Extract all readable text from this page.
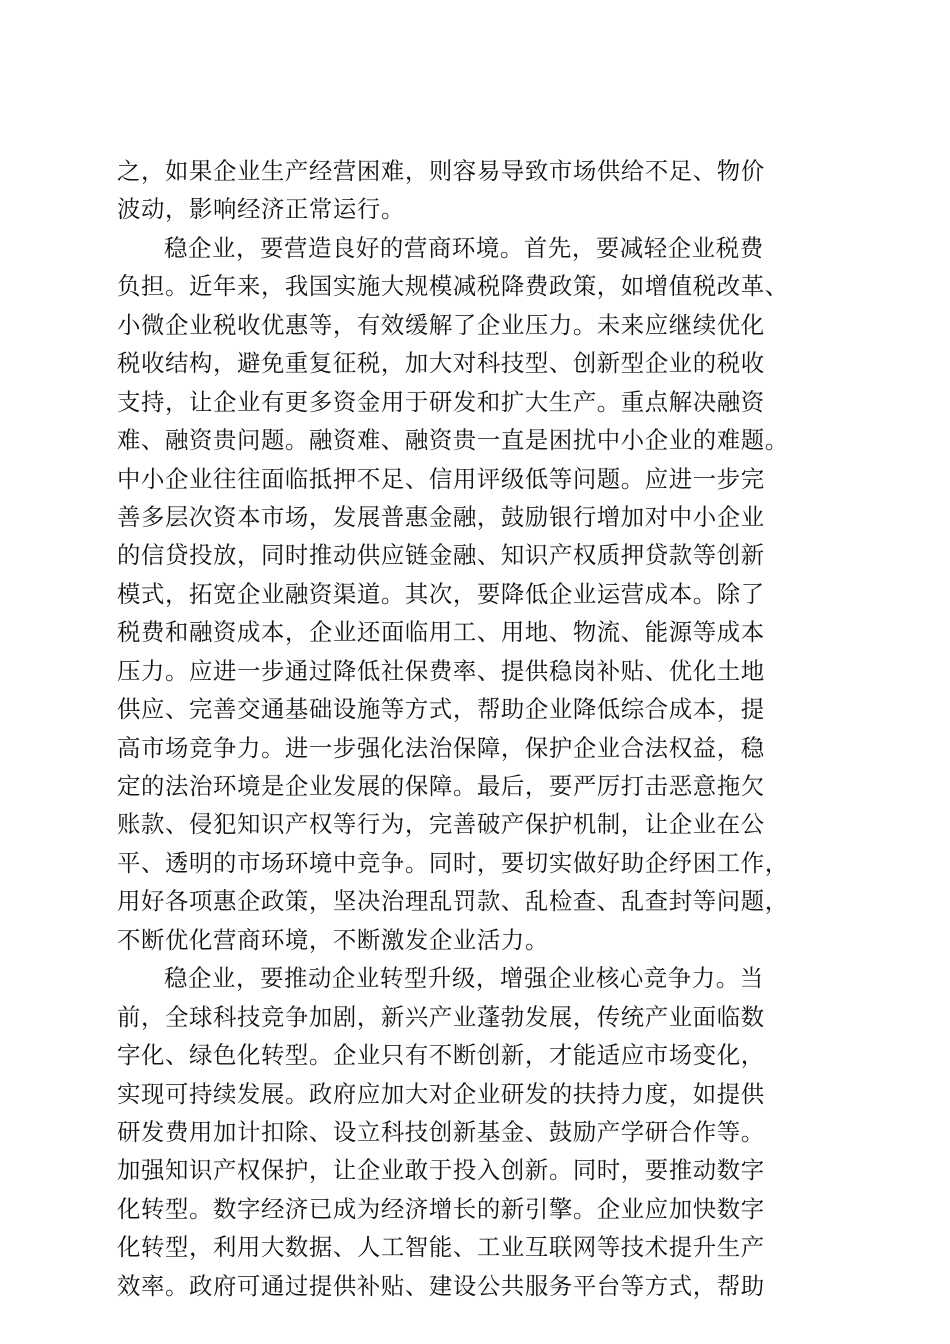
之，如果企业生产经营困难，则容易导致市场供给不足、物价
波动，影响经济正常运行。
稳企业，要营造良好的营商环境。首先，要减轻企业税费
负担。近年来，我国实施大规模减税降费政策，如增值税改革、
小微企业税收优惠等，有效缓解了企业压力。未来应继续优化
税收结构，避免重复征税，加大对科技型、创新型企业的税收
支持，让企业有更多资金用于研发和扩大生产。重点解决融资
难、融资贵问题。融资难、融资贵一直是困扰中小企业的难题。
中小企业往往面临抵押不足、信用评级低等问题。应进一步完
善多层次资本市场，发展普惠金融，鼓励银行增加对中小企业
的信贷投放，同时推动供应链金融、知识产权质押贷款等创新
模式，拓宽企业融资渠道。其次，要降低企业运营成本。除了
税费和融资成本，企业还面临用工、用地、物流、能源等成本
压力。应进一步通过降低社保费率、提供稳岗补贴、优化土地
供应、完善交通基础设施等方式，帮助企业降低综合成本，提
高市场竞争力。进一步强化法治保障，保护企业合法权益，稳
定的法治环境是企业发展的保障。最后，要严厉打击恶意拖欠
账款、侵犯知识产权等行为，完善破产保护机制，让企业在公
平、透明的市场环境中竞争。同时，要切实做好助企纾困工作，
用好各项惠企政策，坚决治理乱罚款、乱检查、乱查封等问题，
不断优化营商环境，不断激发企业活力。
稳企业，要推动企业转型升级，增强企业核心竞争力。当
前，全球科技竞争加剧，新兴产业蓬勃发展，传统产业面临数
字化、绿色化转型。企业只有不断创新，才能适应市场变化，
实现可持续发展。政府应加大对企业研发的扶持力度，如提供
研发费用加计扣除、设立科技创新基金、鼓励产学研合作等。
加强知识产权保护，让企业敢于投入创新。同时，要推动数字
化转型。数字经济已成为经济增长的新引擎。企业应加快数字
化转型，利用大数据、人工智能、工业互联网等技术提升生产
效率。政府可通过提供补贴、建设公共服务平台等方式，帮助
